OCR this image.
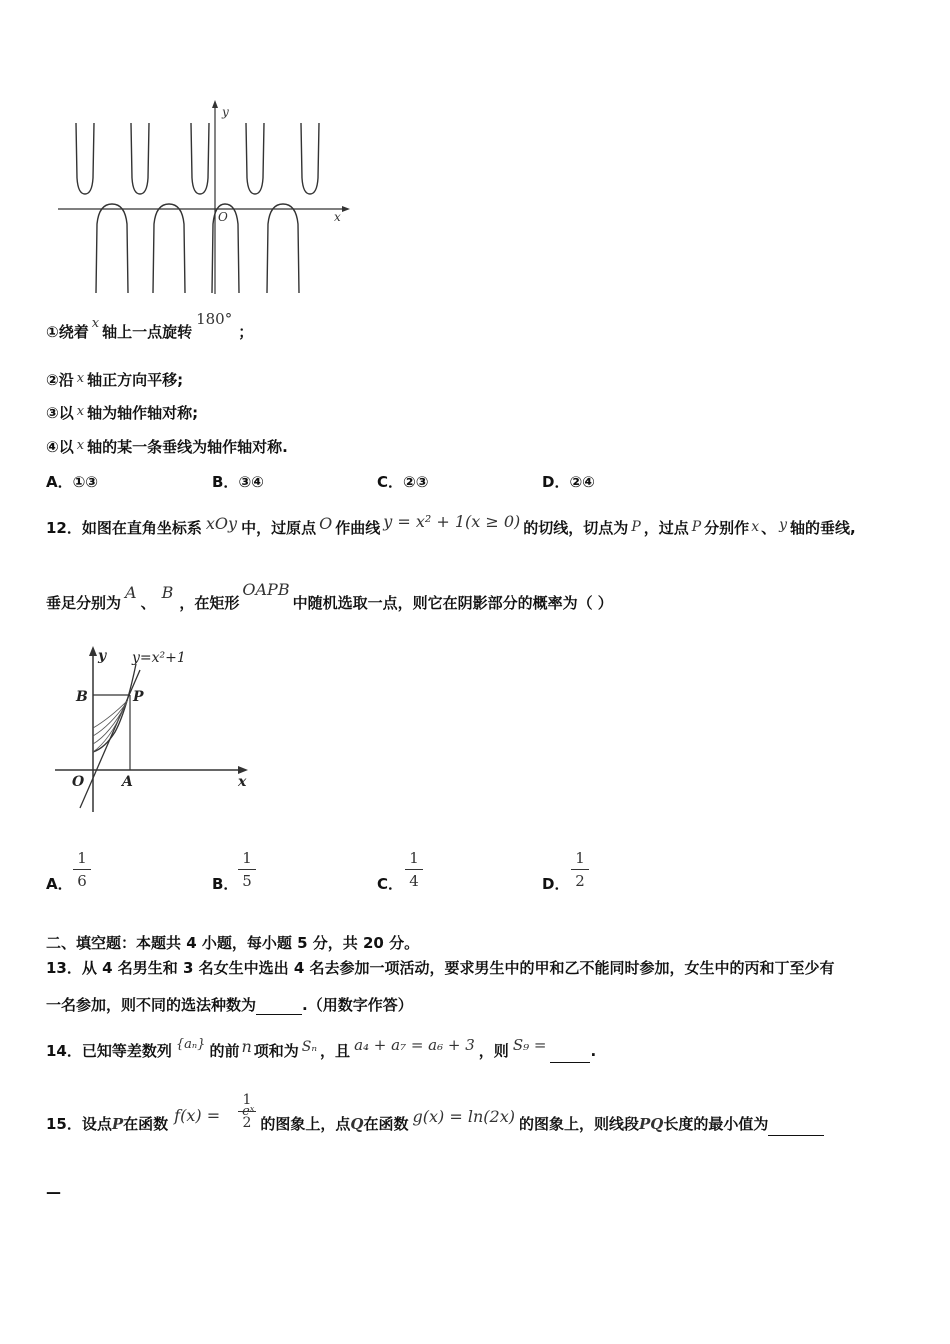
y
x
O
①绕着 x 轴上一点旋转180°；
②沿 x 轴正方向平移;
③以 x 轴为轴作轴对称;
④以 x 轴的某一条垂线为轴作轴对称.
A．①③	B．③④	C．②③	D．②④
12．如图在直角坐标系 xOy 中，过原点 O 作曲线 y = x² + 1(x ≥ 0) 的切线，切点为 P ，过点 P 分别作 x 、 y 轴的垂线,
垂足分别为A、B，在矩形OAPB中随机选取一点，则它在阴影部分的概率为（ ）
y y=x²+1
B	P
O	A	x
A．
1
6	B．
1
5	C．
1
4	D．
1
2
二、填空题：本题共 4 小题，每小题 5 分，共 20 分。
13．从 4 名男生和 3 名女生中选出 4 名去参加一项活动，要求男生中的甲和乙不能同时参加，女生中的丙和丁至少有
一名参加，则不同的选法种数为	.（用数字作答）
14．已知等差数列 {aₙ} 的前 n 项和为 Sₙ ，且 a₄ + a₇ = a₆ + 3 ，则 S₉ =	.
15．设点P在函数 f(x) = eˣ的图象上，点Q在函数 g(x) = ln(2x) 的图象上，则线段PQ长度的最小值为
1
2
—
